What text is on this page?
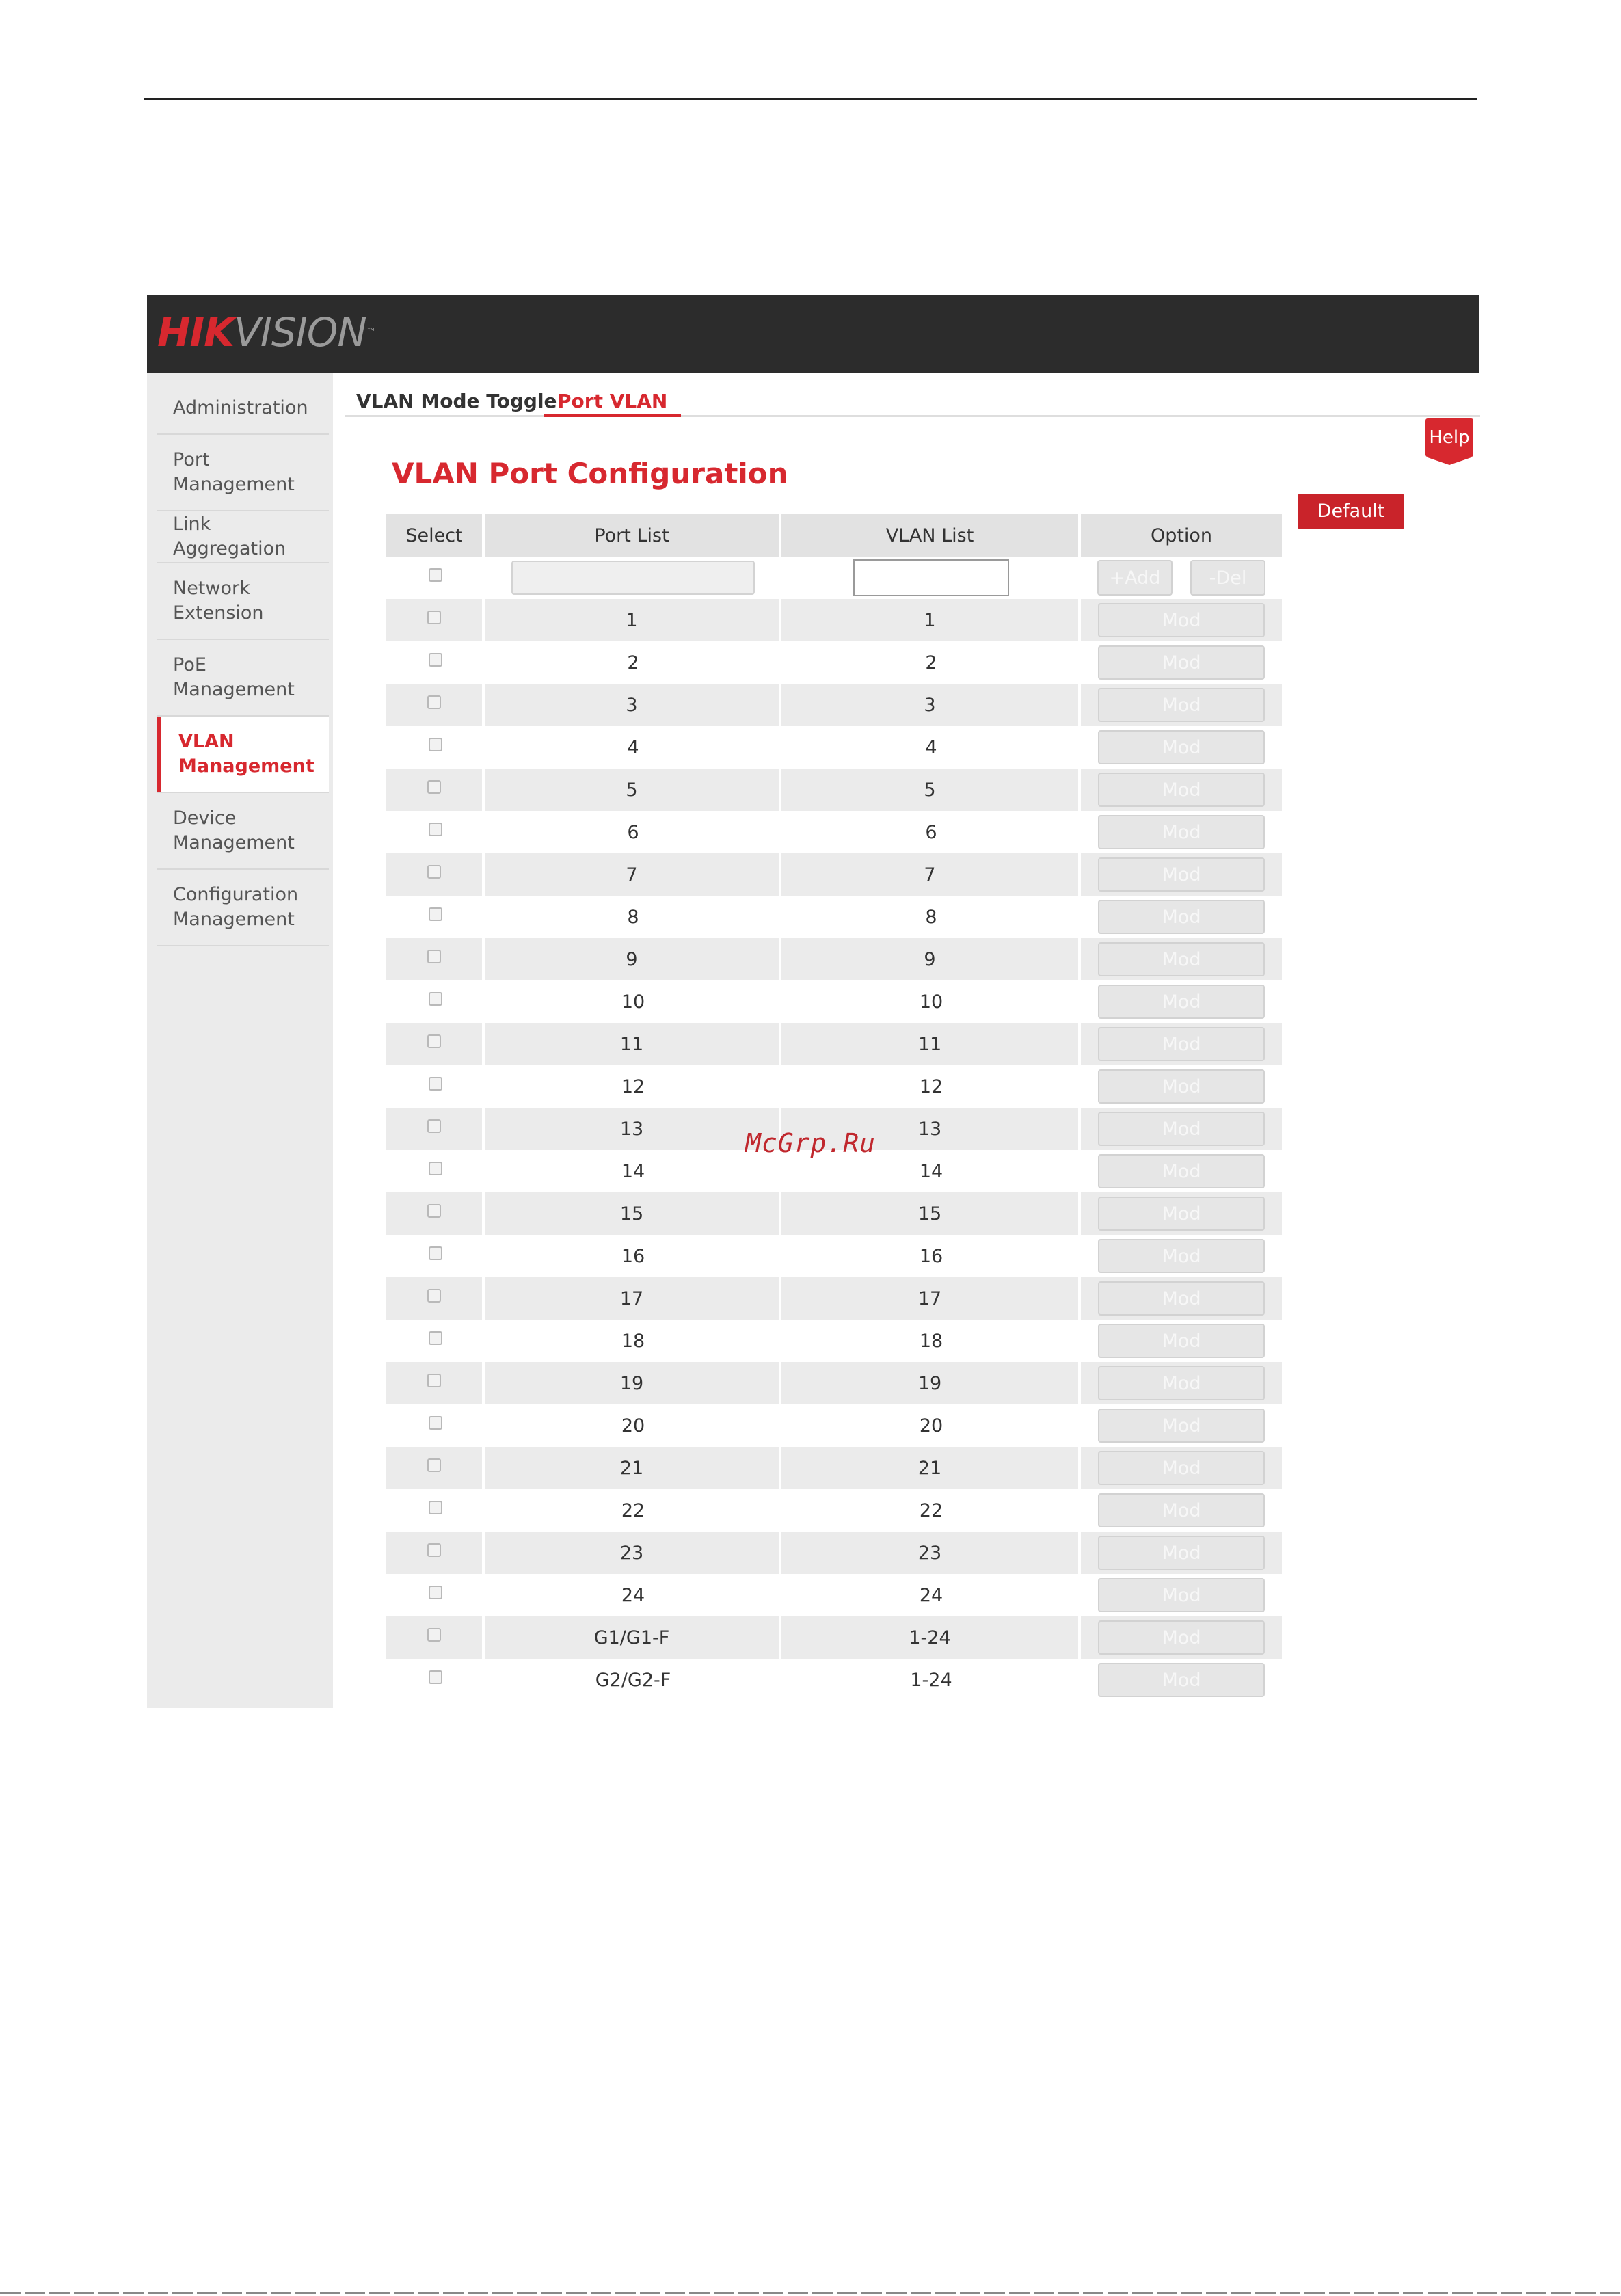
HIKVISION™
Administration
Port Management
Link Aggregation
Network Extension
PoE Management
VLAN Management
Device Management
Configuration Management
VLAN Mode Toggle Port VLAN
Help
VLAN Port Configuration
Default
Select	Port List	VLAN List	Option
+Add	-Del
1	1	Mod
2	2	Mod
3	3	Mod
4	4	Mod
5	5	Mod
6	6	Mod
7	7	Mod
8	8	Mod
9	9	Mod
10	10	Mod
11	11	Mod
12	12	Mod
13	13	Mod
14	14	Mod
15	15	Mod
16	16	Mod
17	17	Mod
18	18	Mod
19	19	Mod
20	20	Mod
21	21	Mod
22	22	Mod
23	23	Mod
24	24	Mod
G1/G1-F	1-24	Mod
G2/G2-F	1-24	Mod
McGrp.Ru
